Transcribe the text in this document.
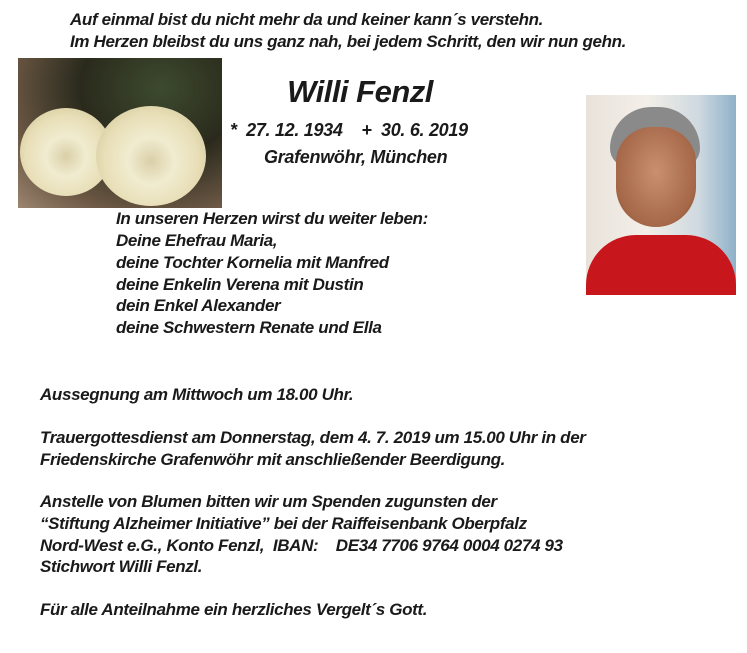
Auf einmal bist du nicht mehr da und keiner kann´s verstehn.
Im Herzen bleibst du uns ganz nah, bei jedem Schritt, den wir nun gehn.
Willi Fenzl
*  27. 12. 1934    +  30. 6. 2019
Grafenwöhr, München
In unseren Herzen wirst du weiter leben:
Deine Ehefrau Maria,
deine Tochter Kornelia mit Manfred
deine Enkelin Verena mit Dustin
dein Enkel Alexander
deine Schwestern Renate und Ella
Aussegnung am Mittwoch um 18.00 Uhr.
Trauergottesdienst am Donnerstag, dem 4. 7. 2019 um 15.00 Uhr in der
Friedenskirche Grafenwöhr mit anschließender Beerdigung.
Anstelle von Blumen bitten wir um Spenden zugunsten der
“Stiftung Alzheimer Initiative” bei der Raiffeisenbank Oberpfalz
Nord-West e.G., Konto Fenzl,  IBAN:    DE34 7706 9764 0004 0274 93
Stichwort Willi Fenzl.
Für alle Anteilnahme ein herzliches Vergelt´s Gott.
